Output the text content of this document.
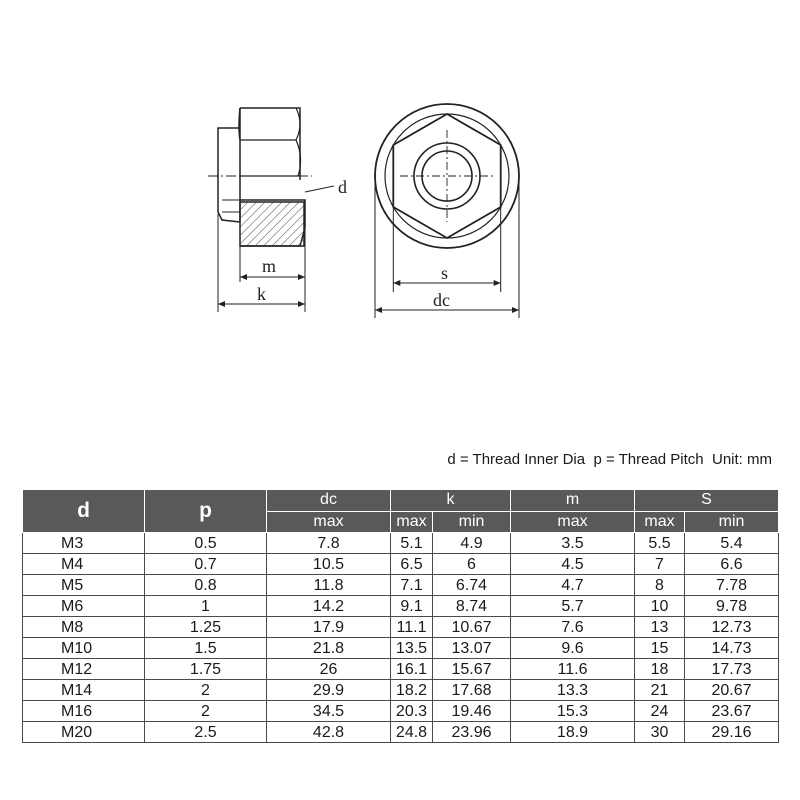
d
m
k
s
dc
d = Thread Inner Dia p = Thread Pitch Unit: mm
d	p	dc	k		m	S	
		max	max	min	max	max	min
M3	0.5	7.8	5.1	4.9	3.5	5.5	5.4
M4	0.7	10.5	6.5	6	4.5	7	6.6
M5	0.8	11.8	7.1	6.74	4.7	8	7.78
M6	1	14.2	9.1	8.74	5.7	10	9.78
M8	1.25	17.9	11.1	10.67	7.6	13	12.73
M10	1.5	21.8	13.5	13.07	9.6	15	14.73
M12	1.75	26	16.1	15.67	11.6	18	17.73
M14	2	29.9	18.2	17.68	13.3	21	20.67
M16	2	34.5	20.3	19.46	15.3	24	23.67
M20	2.5	42.8	24.8	23.96	18.9	30	29.16
